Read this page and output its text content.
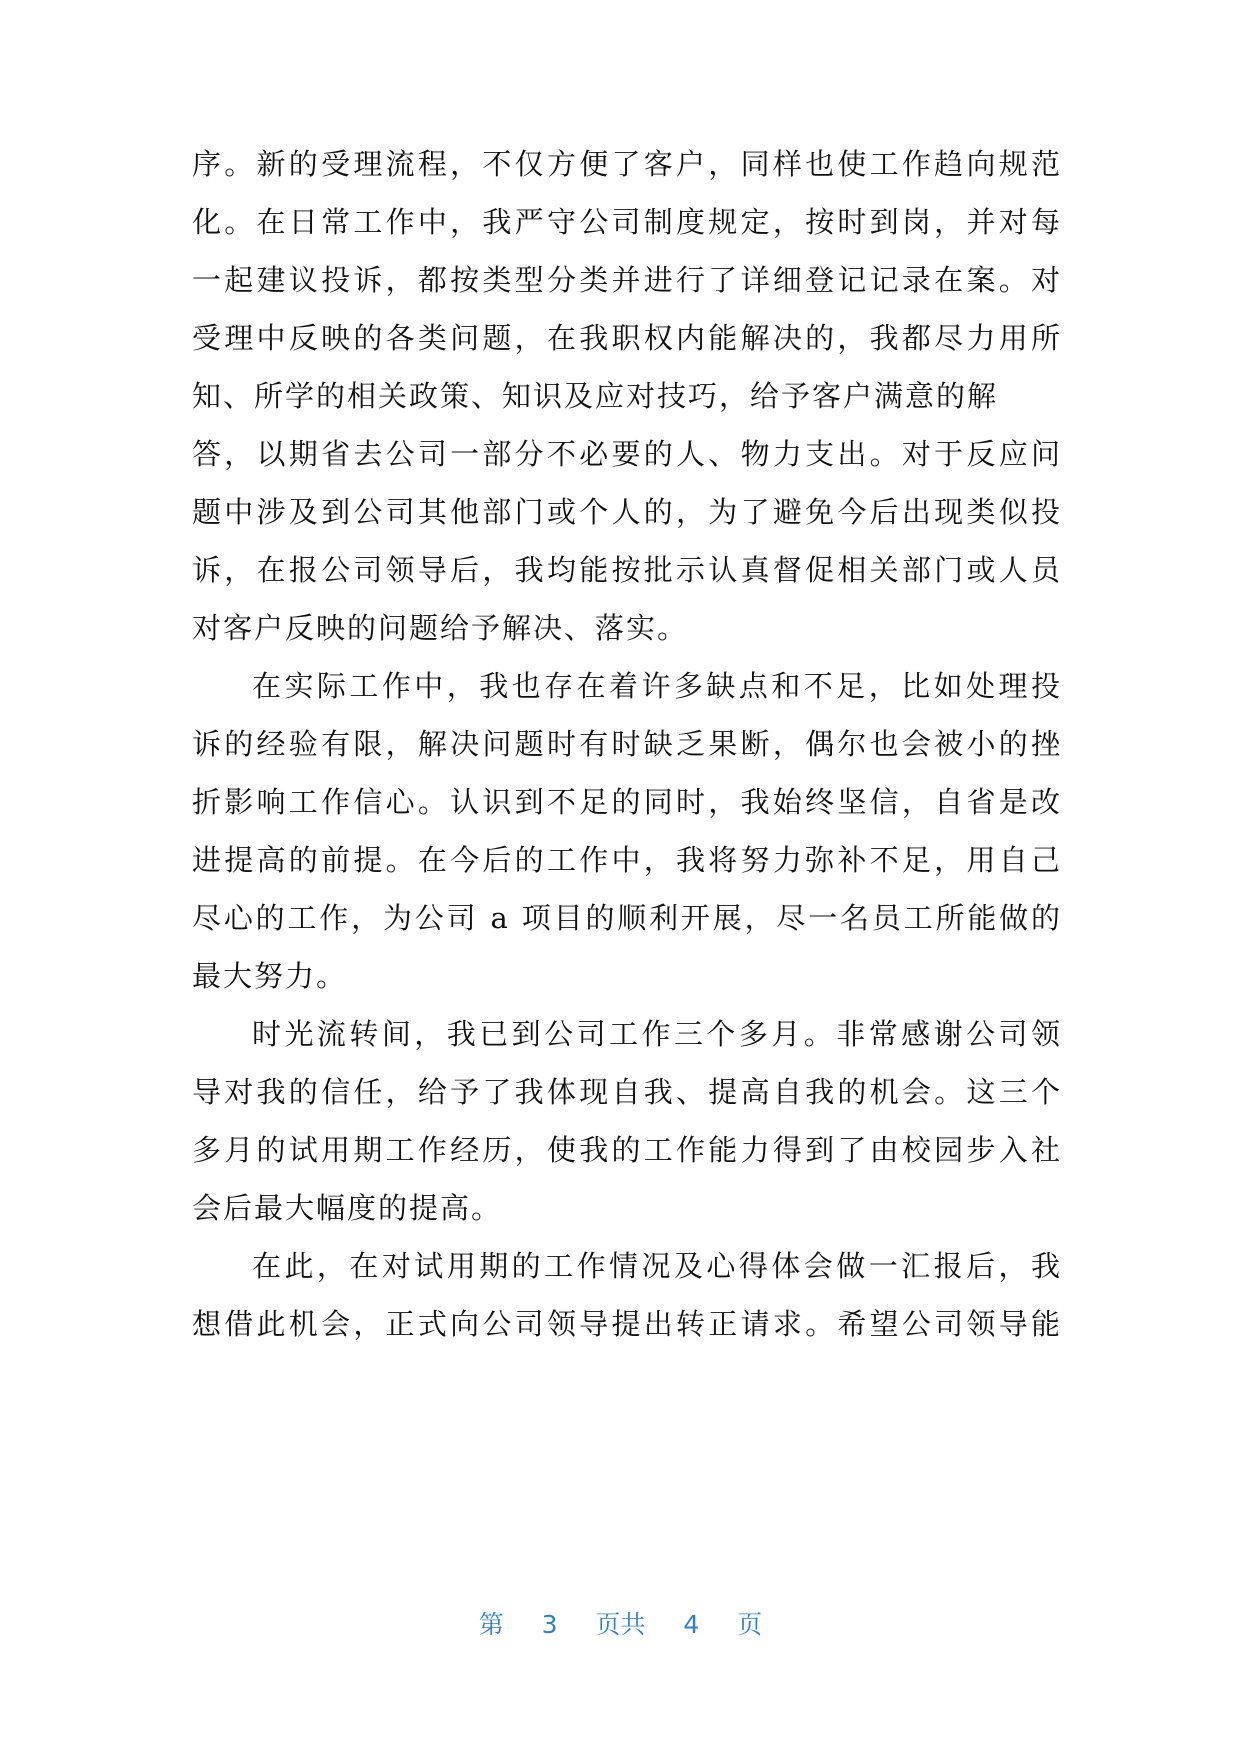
序。新的受理流程，不仅方便了客户，同样也使工作趋向规范
化。在日常工作中，我严守公司制度规定，按时到岗，并对每
一起建议投诉，都按类型分类并进行了详细登记记录在案。对
受理中反映的各类问题，在我职权内能解决的，我都尽力用所
知、所学的相关政策、知识及应对技巧，给予客户满意的解
答，以期省去公司一部分不必要的人、物力支出。对于反应问
题中涉及到公司其他部门或个人的，为了避免今后出现类似投
诉，在报公司领导后，我均能按批示认真督促相关部门或人员
对客户反映的问题给予解决、落实。
在实际工作中，我也存在着许多缺点和不足，比如处理投
诉的经验有限，解决问题时有时缺乏果断，偶尔也会被小的挫
折影响工作信心。认识到不足的同时，我始终坚信，自省是改
进提高的前提。在今后的工作中，我将努力弥补不足，用自己
尽心的工作，为公司 a 项目的顺利开展，尽一名员工所能做的
最大努力。
时光流转间，我已到公司工作三个多月。非常感谢公司领
导对我的信任，给予了我体现自我、提高自我的机会。这三个
多月的试用期工作经历，使我的工作能力得到了由校园步入社
会后最大幅度的提高。
在此，在对试用期的工作情况及心得体会做一汇报后，我
想借此机会，正式向公司领导提出转正请求。希望公司领导能
第 3 页共 4 页
